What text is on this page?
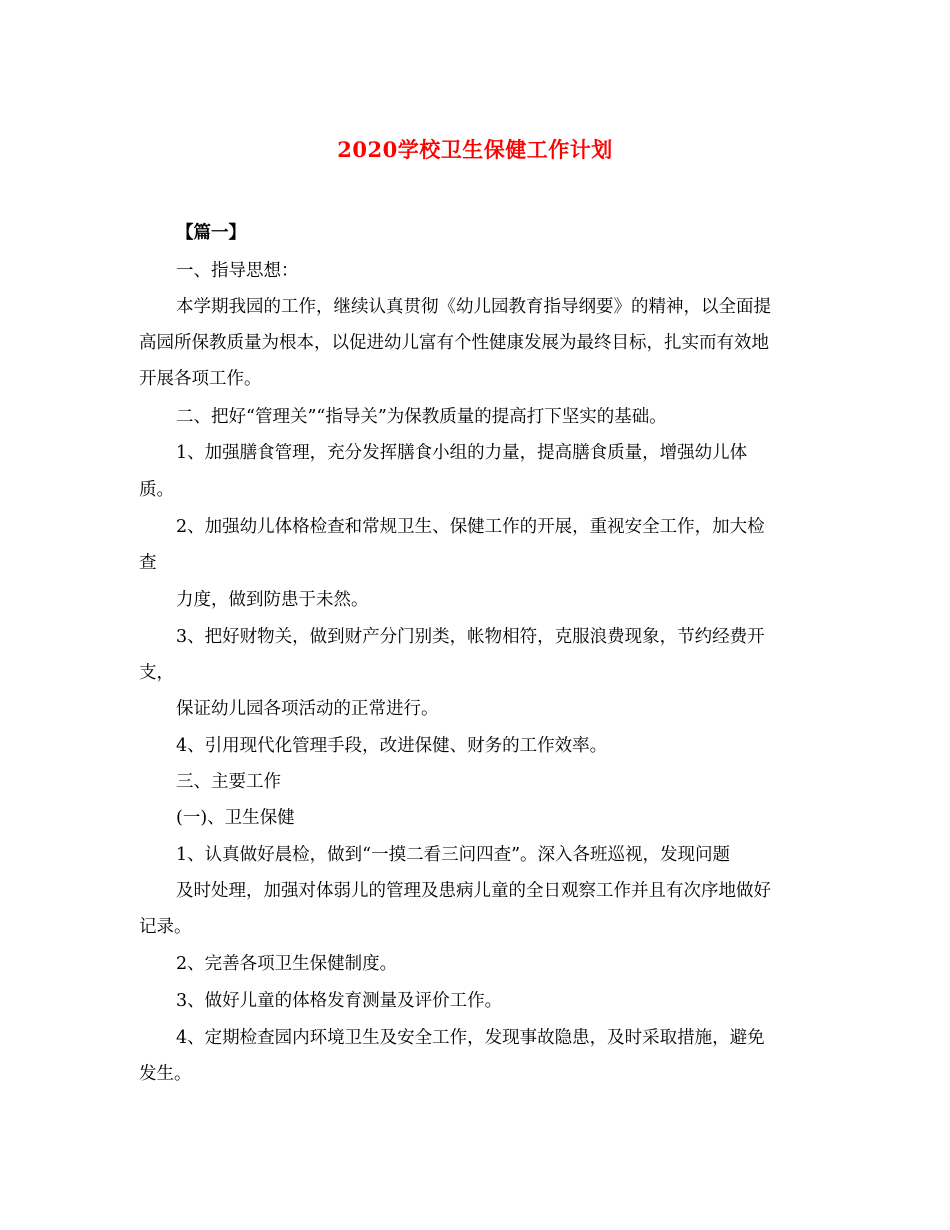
2020学校卫生保健工作计划
【篇一】
一、指导思想：
本学期我园的工作，继续认真贯彻《幼儿园教育指导纲要》的精神，以全面提
高园所保教质量为根本，以促进幼儿富有个性健康发展为最终目标，扎实而有效地
开展各项工作。
二、把好“管理关”“指导关”为保教质量的提高打下坚实的基础。
1、加强膳食管理，充分发挥膳食小组的力量，提高膳食质量，增强幼儿体
质。
2、加强幼儿体格检查和常规卫生、保健工作的开展，重视安全工作，加大检
查
力度，做到防患于未然。
3、把好财物关，做到财产分门别类，帐物相符，克服浪费现象，节约经费开
支，
保证幼儿园各项活动的正常进行。
4、引用现代化管理手段，改进保健、财务的工作效率。
三、主要工作
(一)、卫生保健
1、认真做好晨检，做到“一摸二看三问四查”。深入各班巡视，发现问题
及时处理，加强对体弱儿的管理及患病儿童的全日观察工作并且有次序地做好
记录。
2、完善各项卫生保健制度。
3、做好儿童的体格发育测量及评价工作。
4、定期检查园内环境卫生及安全工作，发现事故隐患，及时采取措施，避免
发生。
